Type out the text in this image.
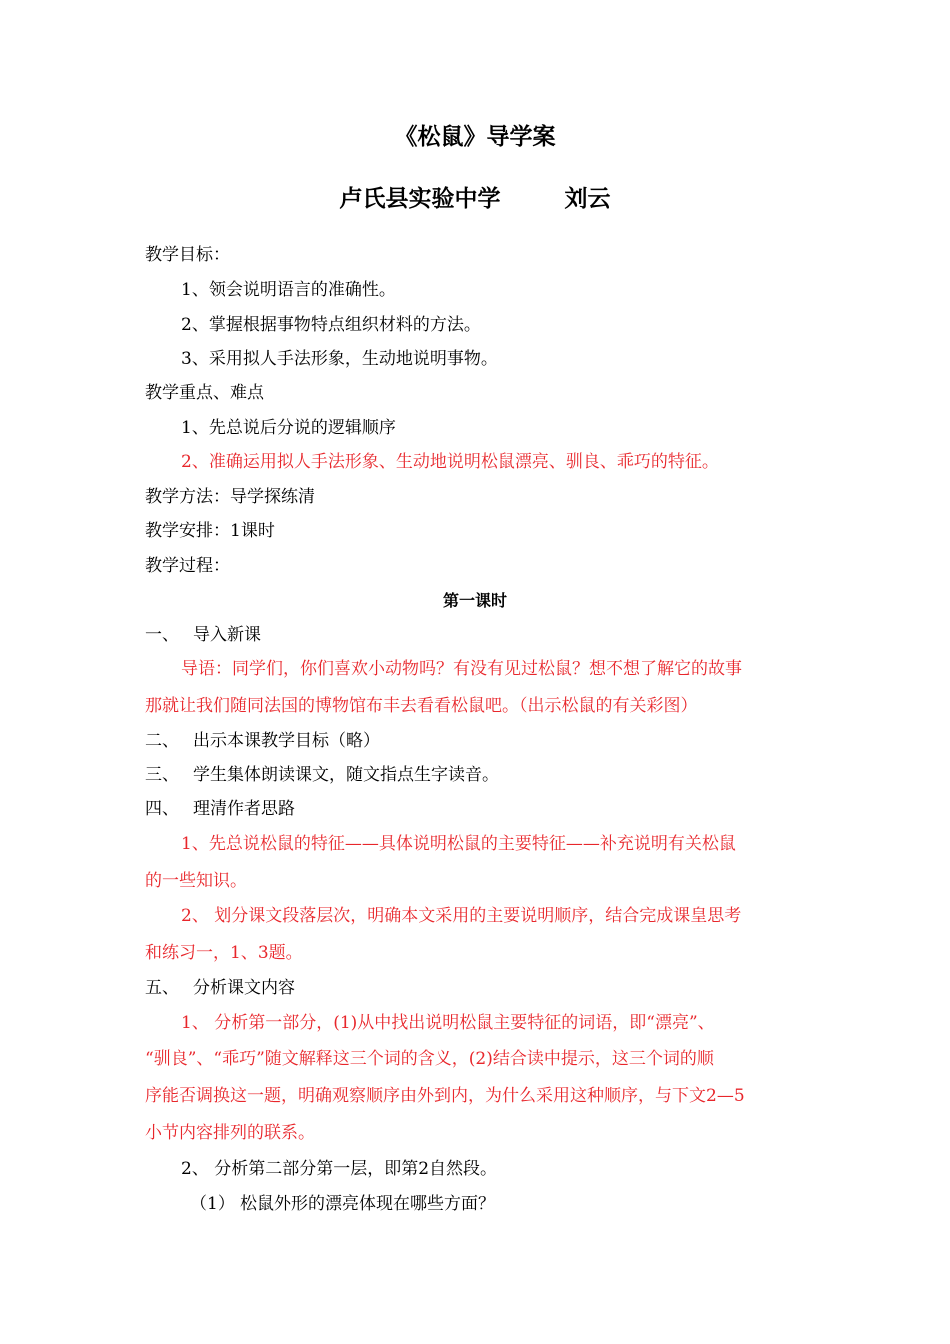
《松鼠》导学案
卢氏县实验中学        刘云
教学目标：
1、领会说明语言的准确性。
2、掌握根据事物特点组织材料的方法。
3、采用拟人手法形象，生动地说明事物。
教学重点、难点
1、先总说后分说的逻辑顺序
2、准确运用拟人手法形象、生动地说明松鼠漂亮、驯良、乖巧的特征。
教学方法：导学探练清
教学安排：1课时
教学过程：
第一课时
一、 导入新课
导语：同学们，你们喜欢小动物吗？有没有见过松鼠？想不想了解它的故事
那就让我们随同法国的博物馆布丰去看看松鼠吧。（出示松鼠的有关彩图）
二、 出示本课教学目标（略）
三、 学生集体朗读课文，随文指点生字读音。
四、 理清作者思路
1、先总说松鼠的特征——具体说明松鼠的主要特征——补充说明有关松鼠
的一些知识。
2、 划分课文段落层次，明确本文采用的主要说明顺序，结合完成课皇思考
和练习一，1、3题。
五、 分析课文内容
1、 分析第一部分，(1)从中找出说明松鼠主要特征的词语，即“漂亮”、
“驯良”、“乖巧”随文解释这三个词的含义，(2)结合读中提示，这三个词的顺
序能否调换这一题，明确观察顺序由外到内，为什么采用这种顺序，与下文2—5
小节内容排列的联系。
2、 分析第二部分第一层，即第2自然段。
（1） 松鼠外形的漂亮体现在哪些方面？
